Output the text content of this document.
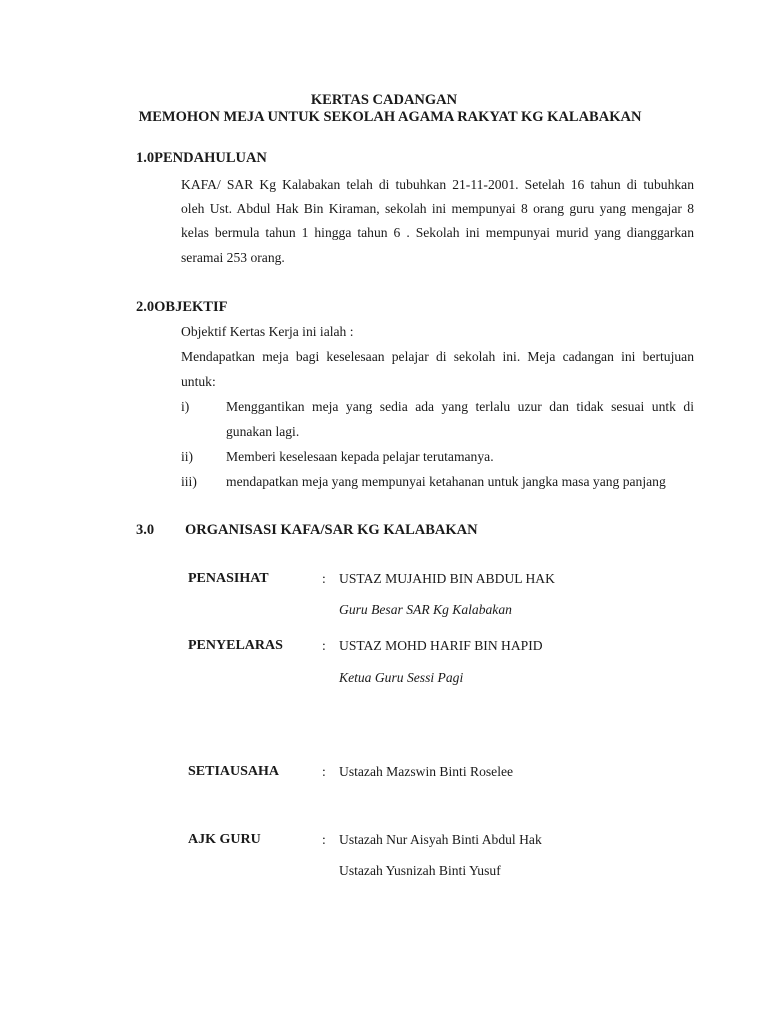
KERTAS CADANGAN
MEMOHON MEJA UNTUK SEKOLAH AGAMA RAKYAT KG KALABAKAN
1.0PENDAHULUAN
KAFA/ SAR Kg Kalabakan telah di tubuhkan 21-11-2001. Setelah 16 tahun di tubuhkan
oleh Ust. Abdul Hak Bin Kiraman, sekolah ini mempunyai 8 orang guru yang mengajar 8
kelas bermula tahun 1 hingga tahun 6 . Sekolah ini mempunyai murid yang dianggarkan
seramai 253 orang.
2.0OBJEKTIF
Objektif Kertas Kerja ini ialah :
Mendapatkan meja bagi keselesaan pelajar di sekolah ini. Meja cadangan ini bertujuan
untuk:
i)	Menggantikan meja yang sedia ada yang terlalu uzur dan tidak sesuai untk di
gunakan lagi.
ii) Memberi keselesaan kepada pelajar terutamanya.
iii) mendapatkan meja yang mempunyai ketahanan untuk jangka masa yang panjang
3.0 ORGANISASI KAFA/SAR KG KALABAKAN
PENASIHAT	: USTAZ MUJAHID BIN ABDUL HAK
Guru Besar SAR Kg Kalabakan
PENYELARAS	: USTAZ MOHD HARIF BIN HAPID
Ketua Guru Sessi Pagi
SETIAUSAHA	: Ustazah Mazswin Binti Roselee
AJK GURU	: Ustazah Nur Aisyah Binti Abdul Hak
Ustazah Yusnizah Binti Yusuf
